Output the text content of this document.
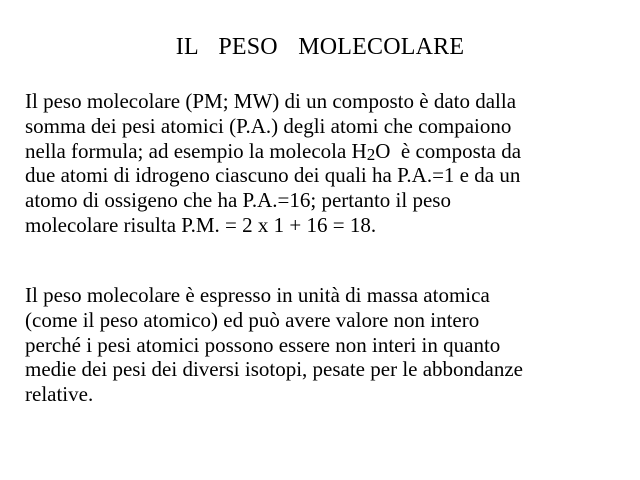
IL  PESO  MOLECOLARE

Il peso molecolare (PM; MW) di un composto è dato dalla
somma dei pesi atomici (P.A.) degli atomi che compaiono
nella formula; ad esempio la molecola $H_2O$  è composta da
due atomi di idrogeno ciascuno dei quali ha P.A.=1 e da un
atomo di ossigeno che ha P.A.=16; pertanto il peso
molecolare risulta P.M. = 2 x 1 + 16 = 18.

Il peso molecolare è espresso in unità di massa atomica
(come il peso atomico) ed può avere valore non intero
perché i pesi atomici possono essere non interi in quanto
medie dei pesi dei diversi isotopi, pesate per le abbondanze
relative.
